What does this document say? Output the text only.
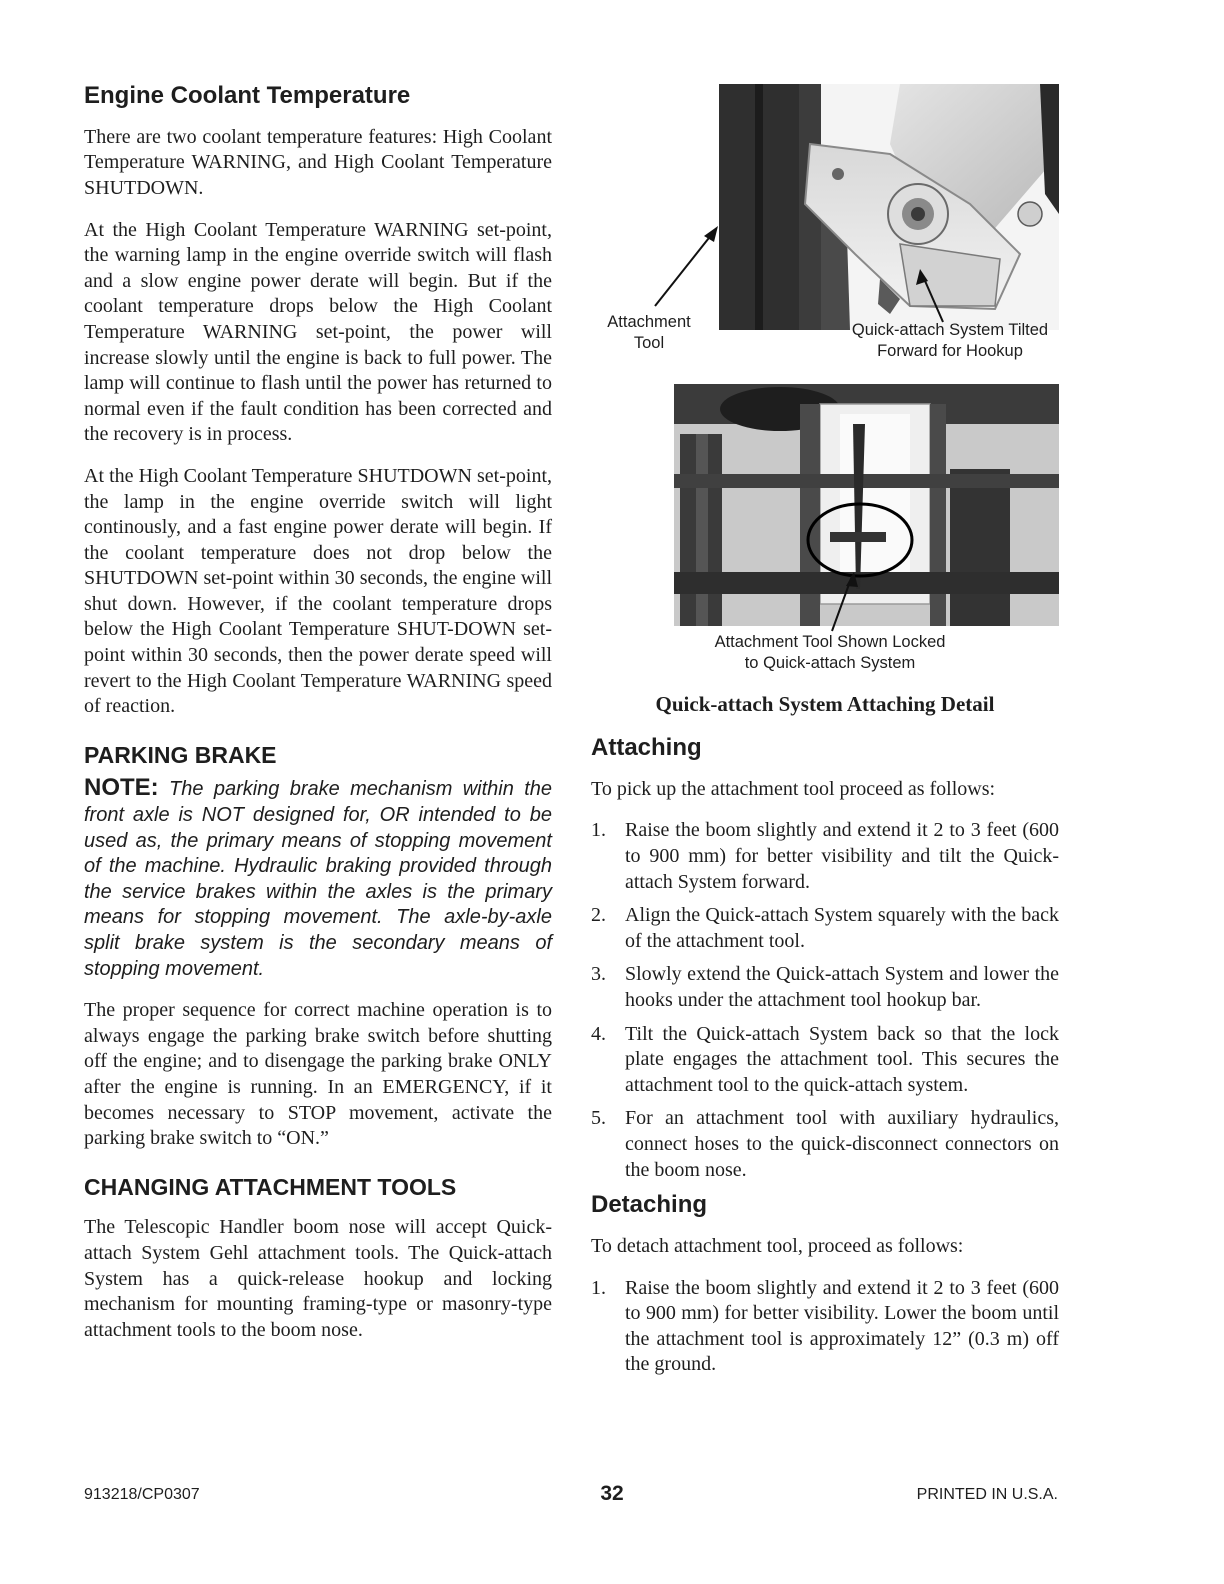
Engine Coolant Temperature

There are two coolant temperature features: High Coolant Temperature WARNING, and High Coolant Temperature SHUTDOWN.

At the High Coolant Temperature WARNING set-point, the warning lamp in the engine override switch will flash and a slow engine power derate will begin. But if the coolant temperature drops below the High Coolant Temperature WARNING set-point, the power will increase slowly until the engine is back to full power. The lamp will continue to flash until the power has returned to normal even if the fault condition has been corrected and the recovery is in process.

At the High Coolant Temperature SHUTDOWN set-point, the lamp in the engine override switch will light continously, and a fast engine power derate will begin. If the coolant temperature does not drop below the SHUTDOWN set-point within 30 seconds, the engine will shut down. However, if the coolant temperature drops below the High Coolant Temperature SHUT-DOWN set-point within 30 seconds, then the power derate speed will revert to the High Coolant Temperature WARNING speed of reaction.

PARKING BRAKE
NOTE: The parking brake mechanism within the front axle is NOT designed for, OR intended to be used as, the primary means of stopping movement of the machine. Hydraulic braking provided through the service brakes within the axles is the primary means for stopping movement. The axle-by-axle split brake system is the secondary means of stopping movement.

The proper sequence for correct machine operation is to always engage the parking brake switch before shutting off the engine; and to disengage the parking brake ONLY after the engine is running. In an EMERGENCY, if it becomes necessary to STOP movement, activate the parking brake switch to “ON.”

CHANGING ATTACHMENT TOOLS

The Telescopic Handler boom nose will accept Quick-attach System Gehl attachment tools. The Quick-attach System has a quick-release hookup and locking mechanism for mounting framing-type or masonry-type attachment tools to the boom nose.

Attachment
Tool
Quick-attach System Tilted
Forward for Hookup
Attachment Tool Shown Locked
to Quick-attach System
Quick-attach System Attaching Detail
Attaching

To pick up the attachment tool proceed as follows:

1. Raise the boom slightly and extend it 2 to 3 feet (600 to 900 mm) for better visibility and tilt the Quick-attach System forward.
2. Align the Quick-attach System squarely with the back of the attachment tool.
3. Slowly extend the Quick-attach System and lower the hooks under the attachment tool hookup bar.
4. Tilt the Quick-attach System back so that the lock plate engages the attachment tool. This secures the attachment tool to the quick-attach system.
5. For an attachment tool with auxiliary hydraulics, connect hoses to the quick-disconnect connectors on the boom nose.
Detaching

To detach attachment tool, proceed as follows:

1. Raise the boom slightly and extend it 2 to 3 feet (600 to 900 mm) for better visibility. Lower the boom until the attachment tool is approximately 12” (0.3 m) off the ground.
913218/CP0307	32	PRINTED IN U.S.A.
